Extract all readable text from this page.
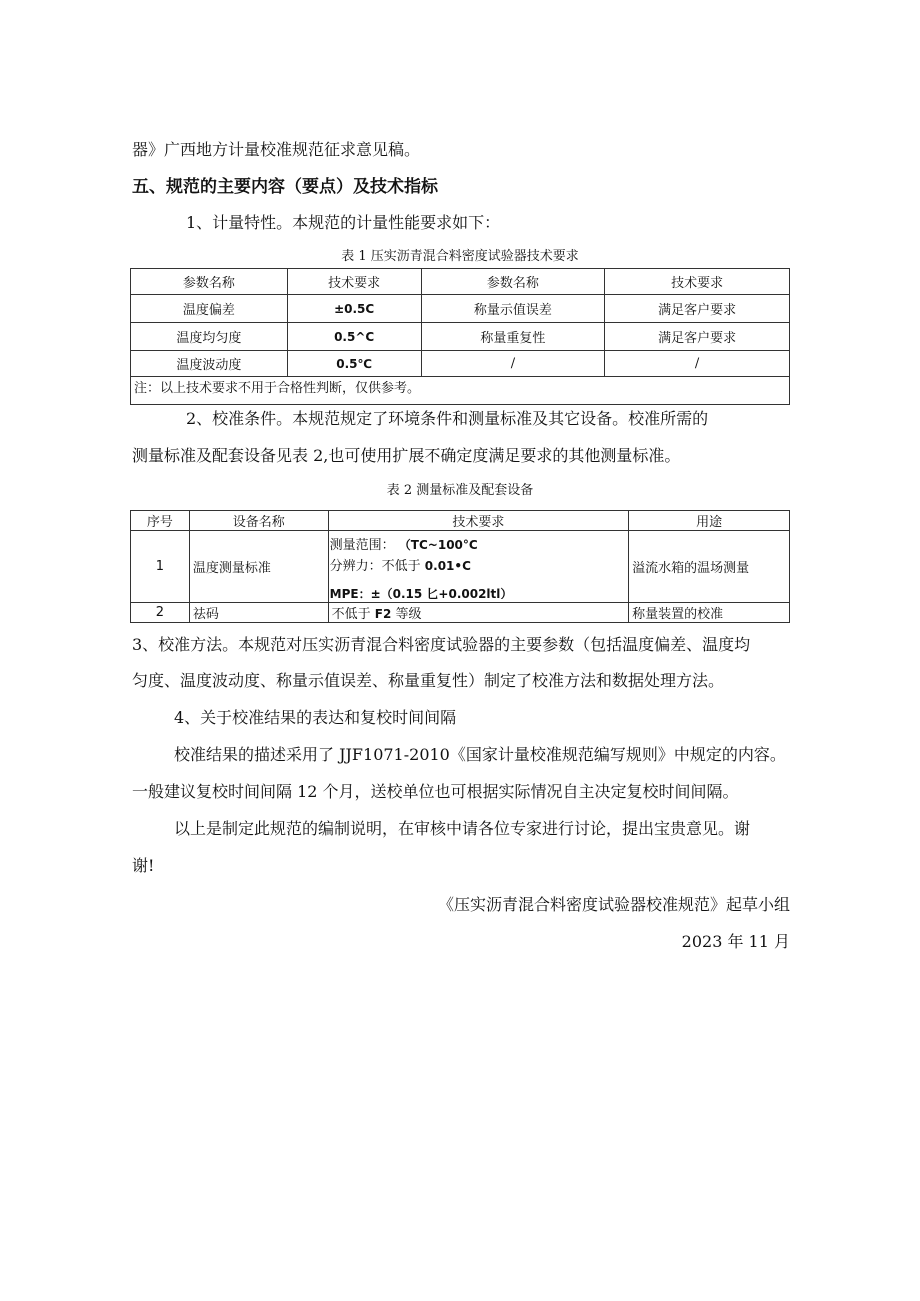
器》广西地方计量校准规范征求意见稿。
五、规范的主要内容（要点）及技术指标
1、计量特性。本规范的计量性能要求如下：
表 1 压实沥青混合料密度试验器技术要求
参数名称	技术要求	参数名称	技术要求
温度偏差	±0.5C	称量示值误差	满足客户要求
温度均匀度	0.5^C	称量重复性	满足客户要求
温度波动度	0.5℃	/	/
注：以上技术要求不用于合格性判断，仅供参考。			
2、校准条件。本规范规定了环境条件和测量标准及其它设备。校准所需的
测量标准及配套设备见表 2,也可使用扩展不确定度满足要求的其他测量标准。
表 2 测量标准及配套设备
序号	设备名称	技术要求	用途
1	温度测量标准	测量范围： （TC~100°C
分辨力：不低于 0.01•C
MPE：±（0.15 匕+0.002ltl）	溢流水箱的温场测量
2	祛码	不低于 F2 等级	称量装置的校准
3、校准方法。本规范对压实沥青混合料密度试验器的主要参数（包括温度偏差、温度均
匀度、温度波动度、称量示值误差、称量重复性）制定了校准方法和数据处理方法。
4、关于校准结果的表达和复校时间间隔
校准结果的描述采用了 JJF1071-2010《国家计量校准规范编写规则》中规定的内容。
一般建议复校时间间隔 12 个月，送校单位也可根据实际情况自主决定复校时间间隔。
以上是制定此规范的编制说明，在审核中请各位专家进行讨论，提出宝贵意见。谢
谢!
《压实沥青混合料密度试验器校准规范》起草小组
2023 年 11 月
